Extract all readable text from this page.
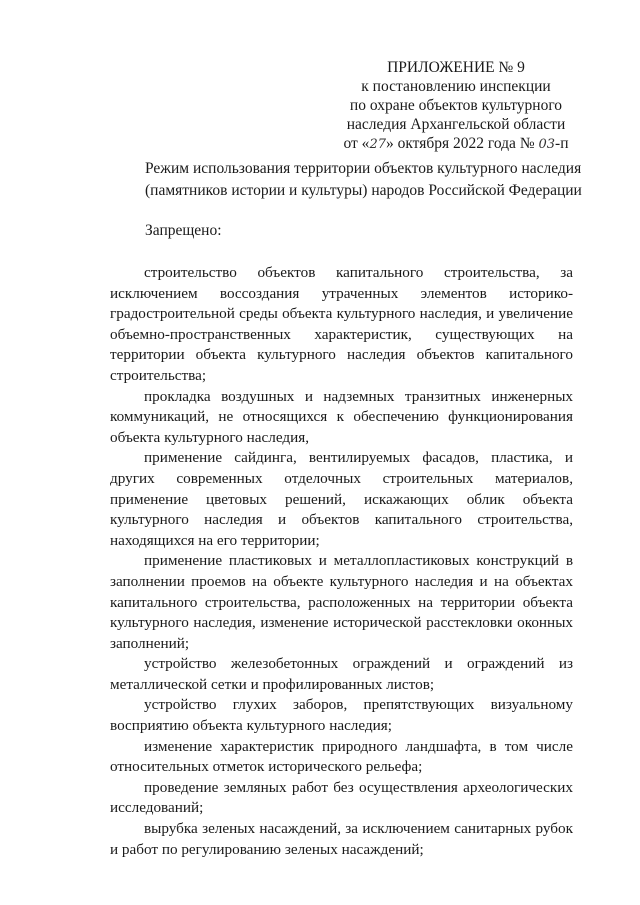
ПРИЛОЖЕНИЕ № 9
к постановлению инспекции
по охране объектов культурного
наследия Архангельской области
от «27» октября 2022 года № 03-п
Режим использования территории объектов культурного наследия
(памятников истории и культуры) народов Российской Федерации
Запрещено:

строительство объектов капитального строительства, за исключением воссоздания утраченных элементов историко-градостроительной среды объекта культурного наследия, и увеличение объемно-пространственных характеристик, существующих на территории объекта культурного наследия объектов капитального строительства;

прокладка воздушных и надземных транзитных инженерных коммуникаций, не относящихся к обеспечению функционирования объекта культурного наследия,

применение сайдинга, вентилируемых фасадов, пластика, и других современных отделочных строительных материалов, применение цветовых решений, искажающих облик объекта культурного наследия и объектов капитального строительства, находящихся на его территории;

применение пластиковых и металлопластиковых конструкций в заполнении проемов на объекте культурного наследия и на объектах капитального строительства, расположенных на территории объекта культурного наследия, изменение исторической расстекловки оконных заполнений;

устройство железобетонных ограждений и ограждений из металлической сетки и профилированных листов;

устройство глухих заборов, препятствующих визуальному восприятию объекта культурного наследия;

изменение характеристик природного ландшафта, в том числе относительных отметок исторического рельефа;

проведение земляных работ без осуществления археологических исследований;

вырубка зеленых насаждений, за исключением санитарных рубок и работ по регулированию зеленых насаждений;
